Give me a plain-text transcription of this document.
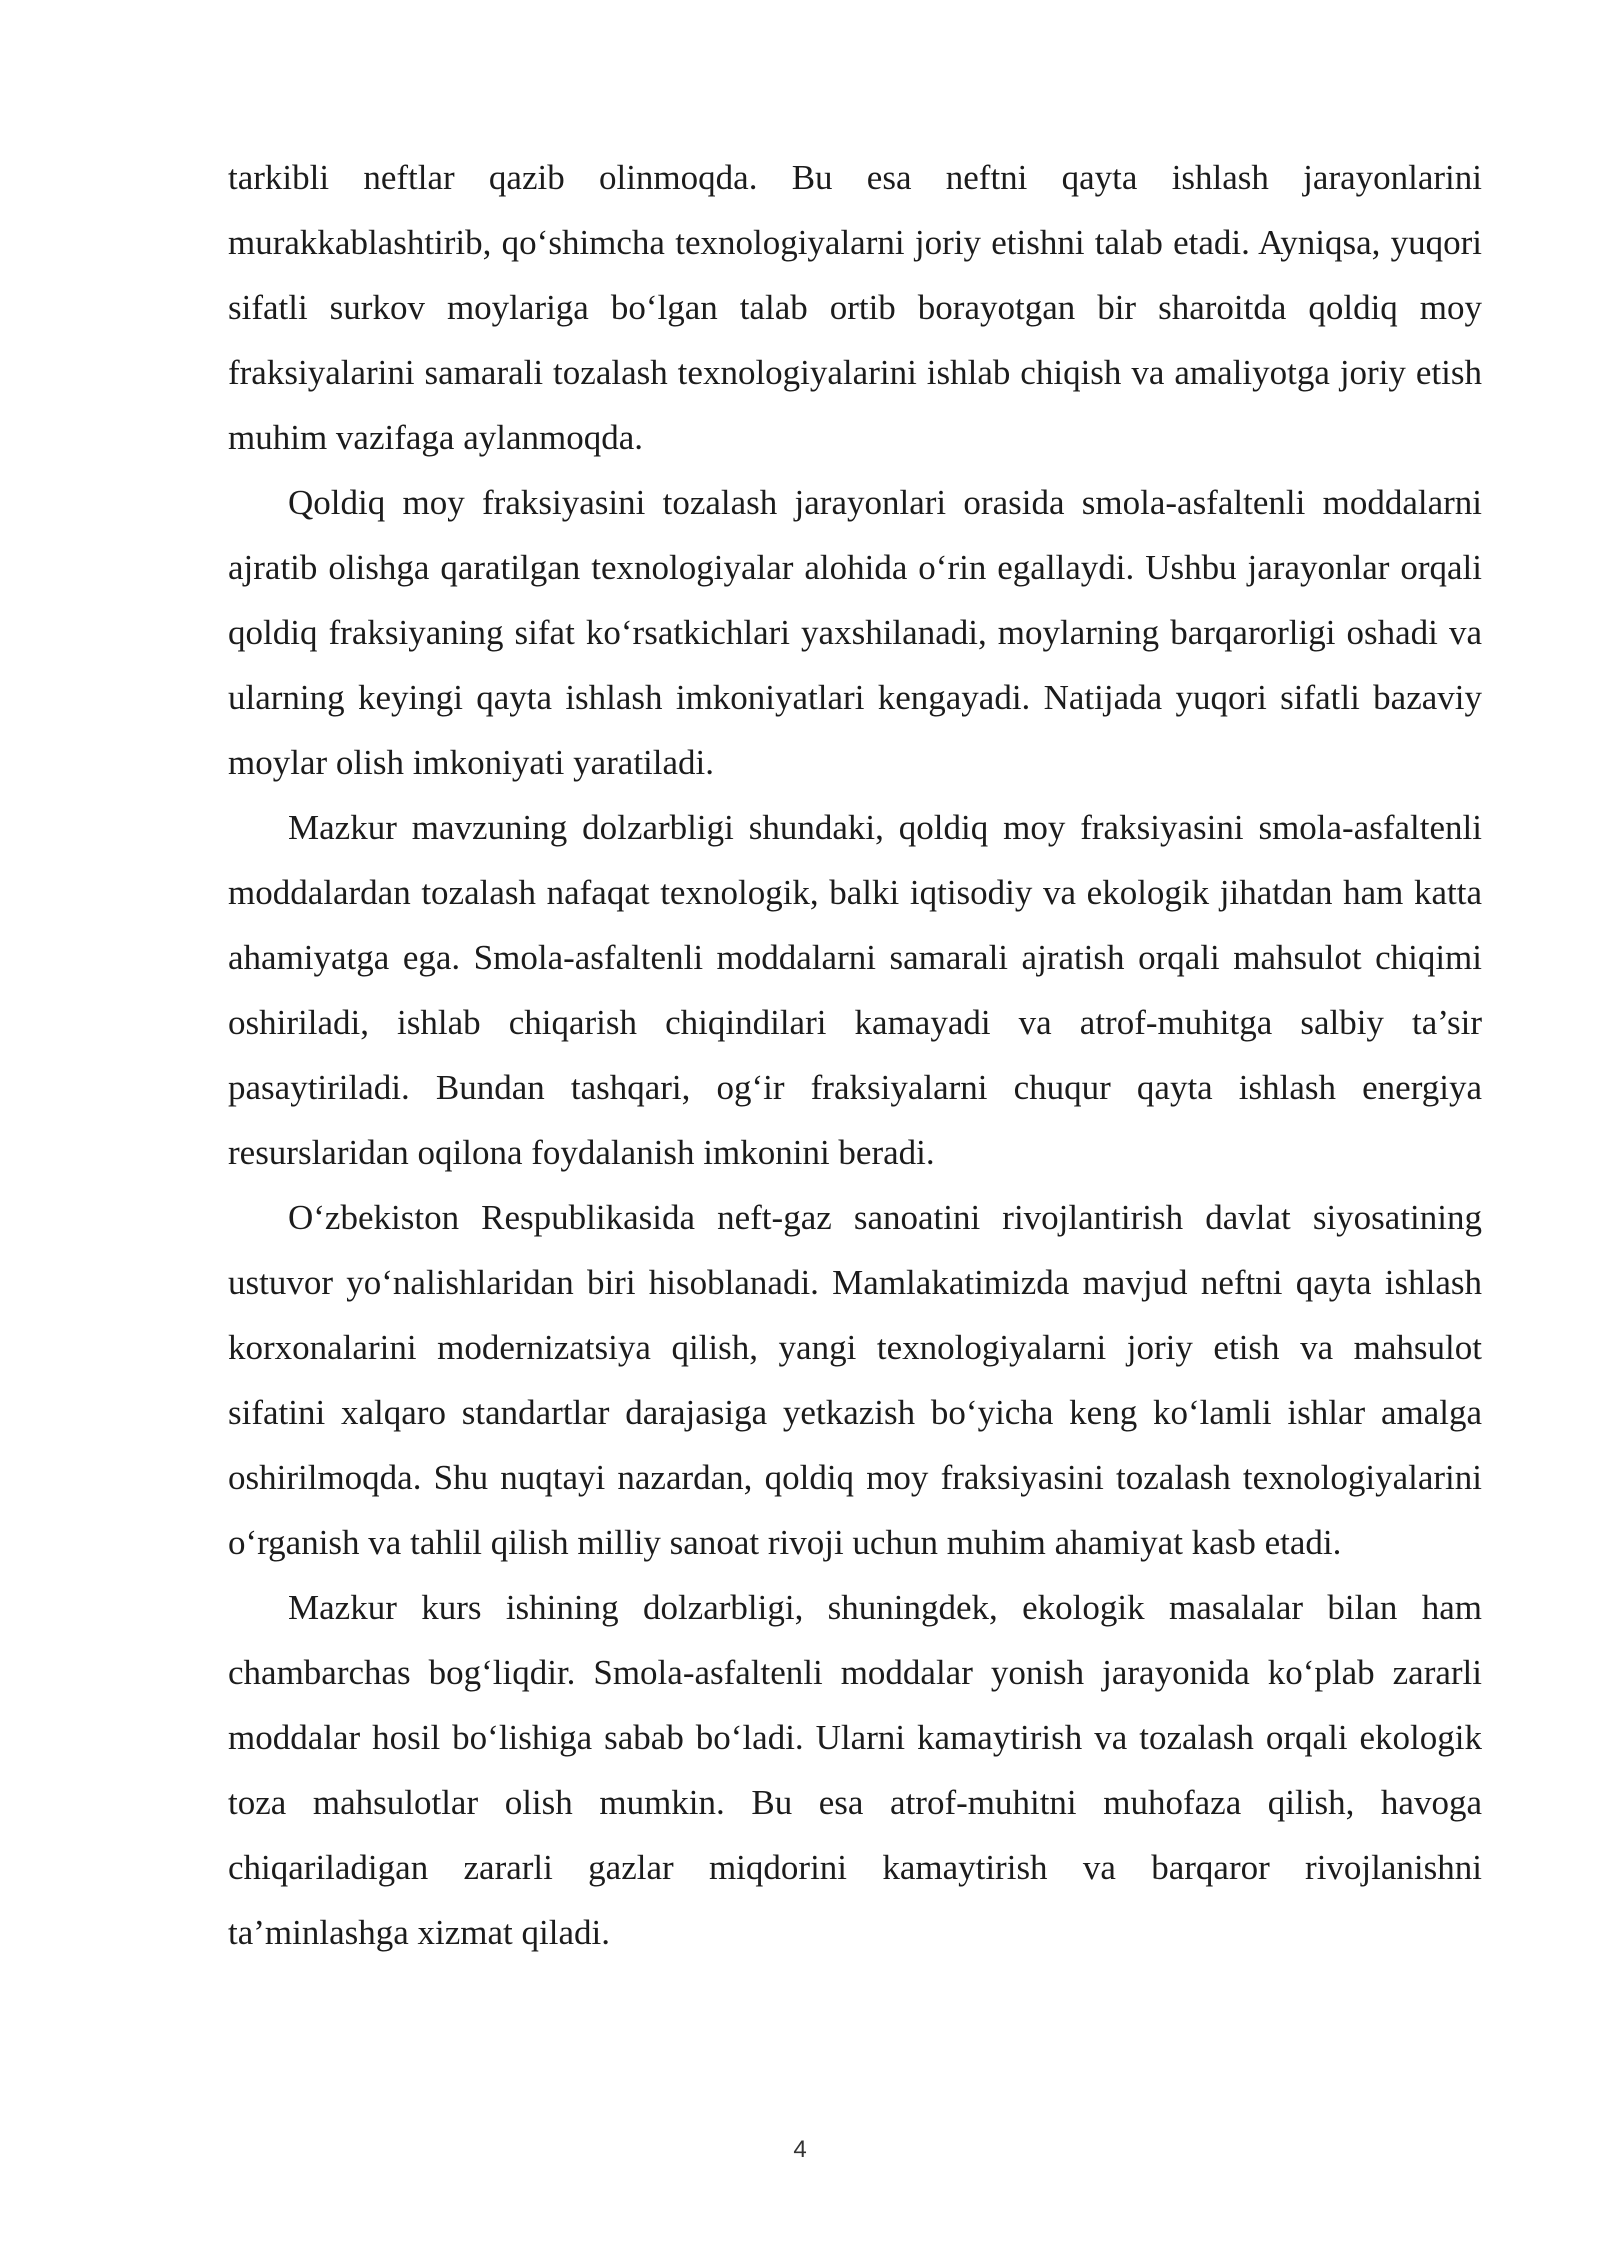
tarkibli neftlar qazib olinmoqda. Bu esa neftni qayta ishlash jarayonlarini murakkablashtirib, qo‘shimcha texnologiyalarni joriy etishni talab etadi. Ayniqsa, yuqori sifatli surkov moylariga bo‘lgan talab ortib borayotgan bir sharoitda qoldiq moy fraksiyalarini samarali tozalash texnologiyalarini ishlab chiqish va amaliyotga joriy etish muhim vazifaga aylanmoqda.

Qoldiq moy fraksiyasini tozalash jarayonlari orasida smola-asfaltenli moddalarni ajratib olishga qaratilgan texnologiyalar alohida o‘rin egallaydi. Ushbu jarayonlar orqali qoldiq fraksiyaning sifat ko‘rsatkichlari yaxshilanadi, moylarning barqarorligi oshadi va ularning keyingi qayta ishlash imkoniyatlari kengayadi. Natijada yuqori sifatli bazaviy moylar olish imkoniyati yaratiladi.

Mazkur mavzuning dolzarbligi shundaki, qoldiq moy fraksiyasini smola-asfaltenli moddalardan tozalash nafaqat texnologik, balki iqtisodiy va ekologik jihatdan ham katta ahamiyatga ega. Smola-asfaltenli moddalarni samarali ajratish orqali mahsulot chiqimi oshiriladi, ishlab chiqarish chiqindilari kamayadi va atrof-muhitga salbiy ta’sir pasaytiriladi. Bundan tashqari, og‘ir fraksiyalarni chuqur qayta ishlash energiya resurslaridan oqilona foydalanish imkonini beradi.

O‘zbekiston Respublikasida neft-gaz sanoatini rivojlantirish davlat siyosatining ustuvor yo‘nalishlaridan biri hisoblanadi. Mamlakatimizda mavjud neftni qayta ishlash korxonalarini modernizatsiya qilish, yangi texnologiyalarni joriy etish va mahsulot sifatini xalqaro standartlar darajasiga yetkazish bo‘yicha keng ko‘lamli ishlar amalga oshirilmoqda. Shu nuqtayi nazardan, qoldiq moy fraksiyasini tozalash texnologiyalarini o‘rganish va tahlil qilish milliy sanoat rivoji uchun muhim ahamiyat kasb etadi.

Mazkur kurs ishining dolzarbligi, shuningdek, ekologik masalalar bilan ham chambarchas bog‘liqdir. Smola-asfaltenli moddalar yonish jarayonida ko‘plab zararli moddalar hosil bo‘lishiga sabab bo‘ladi. Ularni kamaytirish va tozalash orqali ekologik toza mahsulotlar olish mumkin. Bu esa atrof-muhitni muhofaza qilish, havoga chiqariladigan zararli gazlar miqdorini kamaytirish va barqaror rivojlanishni ta’minlashga xizmat qiladi.

4
